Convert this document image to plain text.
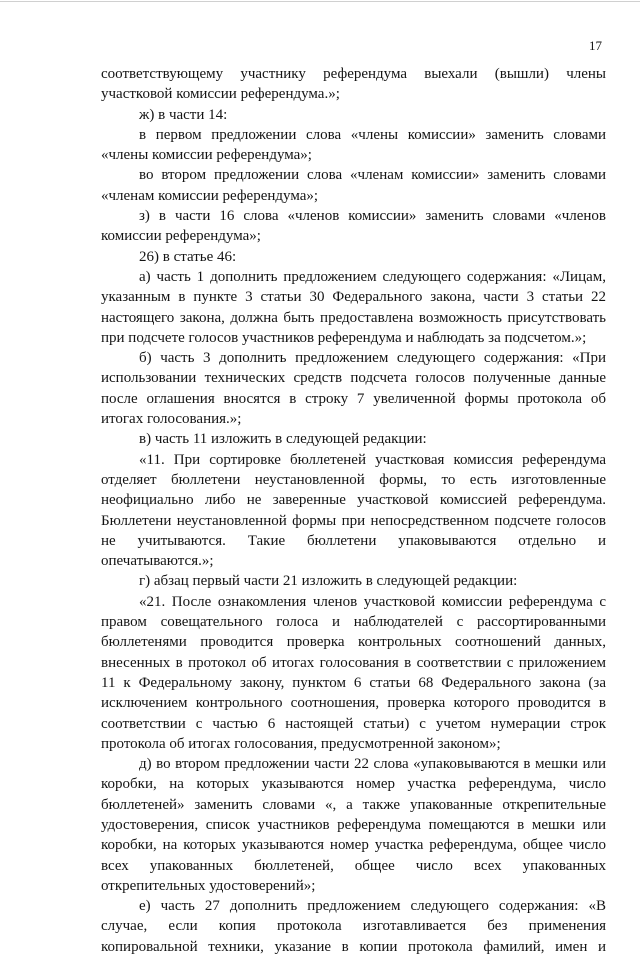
17
соответствующему участнику референдума выехали (вышли) члены
участковой комиссии референдума.»;
ж) в части 14:
в первом предложении слова «члены комиссии» заменить словами
«члены комиссии референдума»;
во втором предложении слова «членам комиссии» заменить словами
«членам комиссии референдума»;
з) в части 16 слова «членов комиссии» заменить словами «членов
комиссии референдума»;
26) в статье 46:
а) часть 1 дополнить предложением следующего содержания: «Лицам,
указанным в пункте 3 статьи 30 Федерального закона, части 3 статьи 22
настоящего закона, должна быть предоставлена возможность присутствовать
при подсчете голосов участников референдума и наблюдать за подсчетом.»;
б) часть 3 дополнить предложением следующего содержания: «При
использовании технических средств подсчета голосов полученные данные
после оглашения вносятся в строку 7 увеличенной формы протокола об
итогах голосования.»;
в) часть 11 изложить в следующей редакции:
«11. При сортировке бюллетеней участковая комиссия референдума
отделяет бюллетени неустановленной формы, то есть изготовленные
неофициально либо не заверенные участковой комиссией референдума.
Бюллетени неустановленной формы при непосредственном подсчете голосов
не учитываются. Такие бюллетени упаковываются отдельно и
опечатываются.»;
г) абзац первый части 21 изложить в следующей редакции:
«21. После ознакомления членов участковой комиссии референдума с
правом совещательного голоса и наблюдателей с рассортированными
бюллетенями проводится проверка контрольных соотношений данных,
внесенных в протокол об итогах голосования в соответствии с приложением
11 к Федеральному закону, пунктом 6 статьи 68 Федерального закона (за
исключением контрольного соотношения, проверка которого проводится в
соответствии с частью 6 настоящей статьи) с учетом нумерации строк
протокола об итогах голосования, предусмотренной законом»;
д) во втором предложении части 22 слова «упаковываются в мешки или
коробки, на которых указываются номер участка референдума, число
бюллетеней» заменить словами «, а также упакованные открепительные
удостоверения, список участников референдума помещаются в мешки или
коробки, на которых указываются номер участка референдума, общее число
всех упакованных бюллетеней, общее число всех упакованных
открепительных удостоверений»;
е) часть 27 дополнить предложением следующего содержания: «В
случае, если копия протокола изготавливается без применения
копировальной техники, указание в копии протокола фамилий, имен и
